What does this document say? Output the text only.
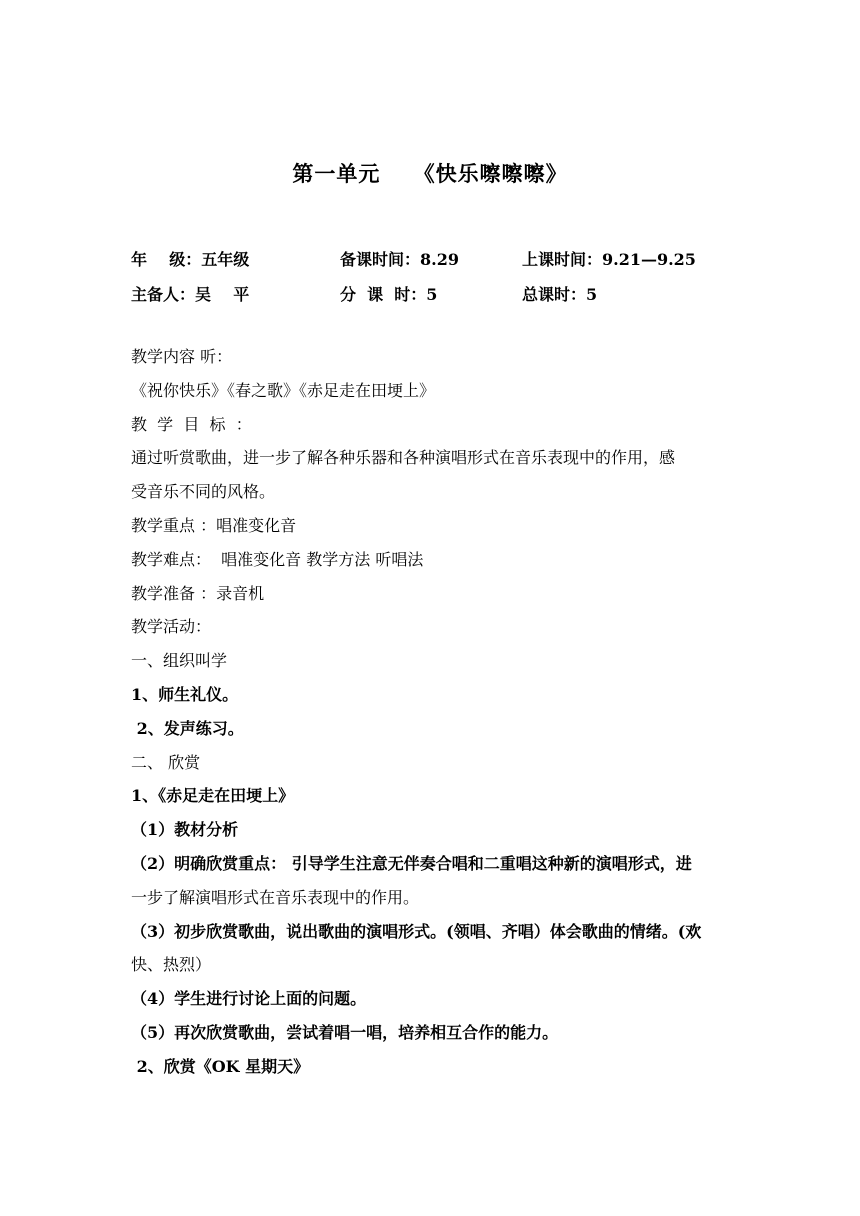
第一单元    《快乐嚓嚓嚓》
年    级：五年级	备课时间：8.29	上课时间：9.21—9.25
主备人：吴    平	分  课  时：5	总课时：5
教学内容 听：
《祝你快乐》《春之歌》《赤足走在田埂上》
教  学  目  标  ：
通过听赏歌曲，进一步了解各种乐器和各种演唱形式在音乐表现中的作用，感
受音乐不同的风格。
教学重点 ：唱准变化音
教学难点：  唱准变化音 教学方法 听唱法
教学准备 ：录音机
教学活动：
一、组织叫学
1、师生礼仪。
2、发声练习。
二、 欣赏
1、《赤足走在田埂上》
（1）教材分析
（2）明确欣赏重点： 引导学生注意无伴奏合唱和二重唱这种新的演唱形式，进
一步了解演唱形式在音乐表现中的作用。
（3）初步欣赏歌曲，说出歌曲的演唱形式。(领唱、齐唱）体会歌曲的情绪。(欢
快、热烈）
（4）学生进行讨论上面的问题。
（5）再次欣赏歌曲，尝试着唱一唱，培养相互合作的能力。
2、欣赏《OK 星期天》
